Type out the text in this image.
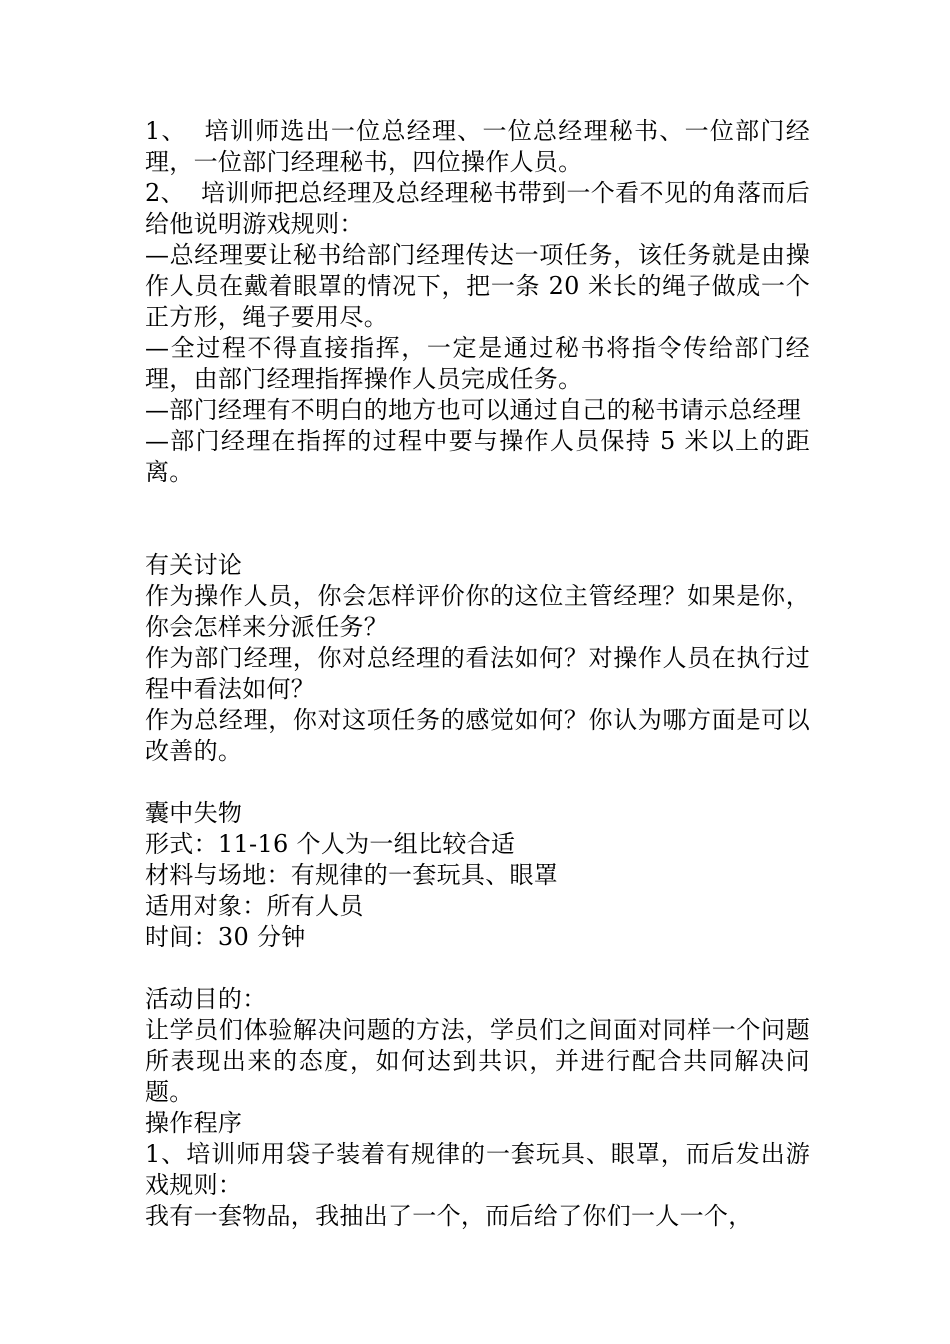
1、  培训师选出一位总经理、一位总经理秘书、一位部门经理，一位部门经理秘书，四位操作人员。

2、  培训师把总经理及总经理秘书带到一个看不见的角落而后给他说明游戏规则：

—总经理要让秘书给部门经理传达一项任务，该任务就是由操作人员在戴着眼罩的情况下，把一条 20 米长的绳子做成一个正方形，绳子要用尽。

—全过程不得直接指挥，一定是通过秘书将指令传给部门经理，由部门经理指挥操作人员完成任务。

—部门经理有不明白的地方也可以通过自己的秘书请示总经理

—部门经理在指挥的过程中要与操作人员保持 5 米以上的距离。

有关讨论

作为操作人员，你会怎样评价你的这位主管经理？如果是你，你会怎样来分派任务？

作为部门经理，你对总经理的看法如何？对操作人员在执行过程中看法如何？

作为总经理，你对这项任务的感觉如何？你认为哪方面是可以改善的。

囊中失物

形式：11-16 个人为一组比较合适

材料与场地：有规律的一套玩具、眼罩

适用对象：所有人员

时间：30 分钟

活动目的：

让学员们体验解决问题的方法，学员们之间面对同样一个问题所表现出来的态度，如何达到共识，并进行配合共同解决问题。

操作程序

1、培训师用袋子装着有规律的一套玩具、眼罩，而后发出游戏规则：

我有一套物品，我抽出了一个，而后给了你们一人一个，
